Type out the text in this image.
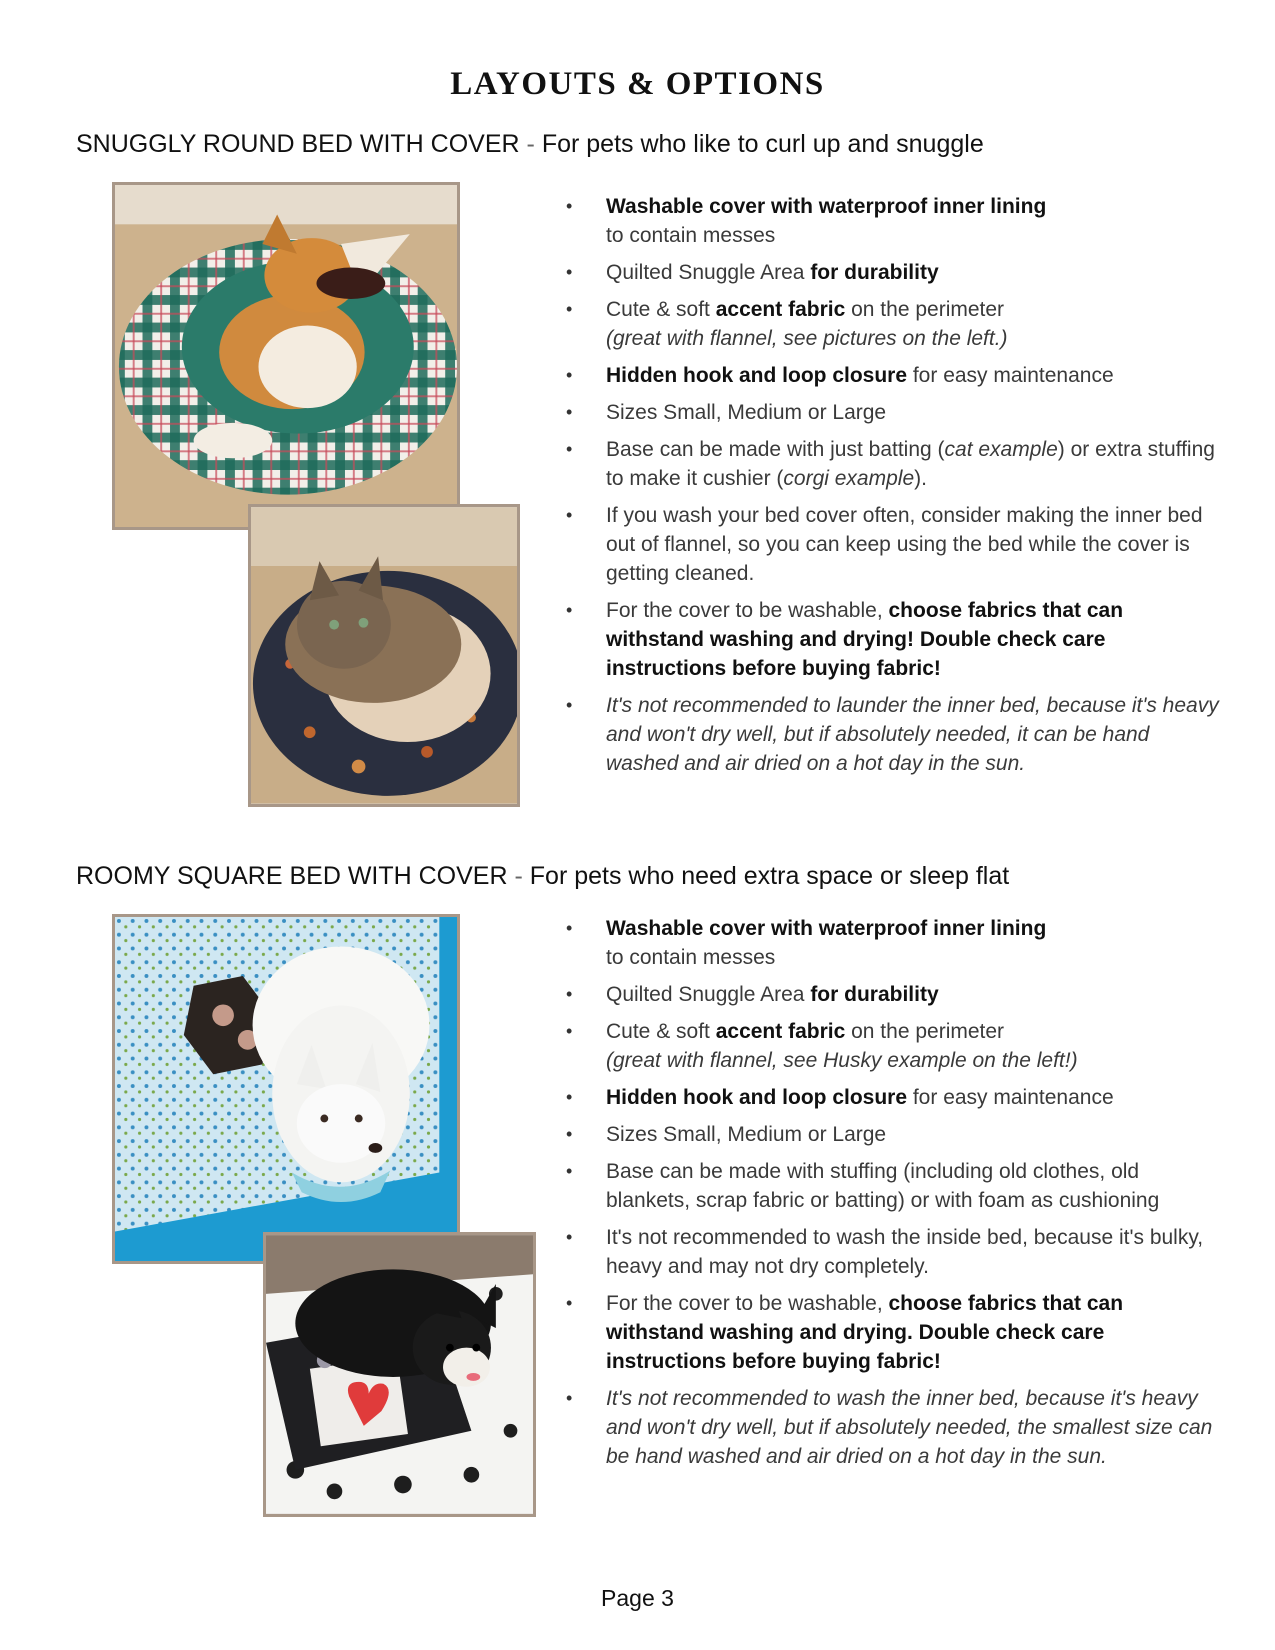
LAYOUTS & OPTIONS
SNUGGLY ROUND BED WITH COVER - For pets who like to curl up and snuggle
• Washable cover with waterproof inner lining
to contain messes
• Quilted Snuggle Area for durability
• Cute & soft accent fabric on the perimeter
(great with flannel, see pictures on the left.)
• Hidden hook and loop closure for easy maintenance
• Sizes Small, Medium or Large
• Base can be made with just batting (cat example) or extra stuffing to make it cushier (corgi example).
• If you wash your bed cover often, consider making the inner bed out of flannel, so you can keep using the bed while the cover is getting cleaned.
• For the cover to be washable, choose fabrics that can withstand washing and drying! Double check care instructions before buying fabric!
• It's not recommended to launder the inner bed, because it's heavy and won't dry well, but if absolutely needed, it can be hand washed and air dried on a hot day in the sun.
ROOMY SQUARE BED WITH COVER - For pets who need extra space or sleep flat
• Washable cover with waterproof inner lining
to contain messes
• Quilted Snuggle Area for durability
• Cute & soft accent fabric on the perimeter
(great with flannel, see Husky example on the left!)
• Hidden hook and loop closure for easy maintenance
• Sizes Small, Medium or Large
• Base can be made with stuffing (including old clothes, old blankets, scrap fabric or batting) or with foam as cushioning
• It's not recommended to wash the inside bed, because it's bulky, heavy and may not dry completely.
• For the cover to be washable, choose fabrics that can withstand washing and drying. Double check care instructions before buying fabric!
• It's not recommended to wash the inner bed, because it's heavy and won't dry well, but if absolutely needed, the smallest size can be hand washed and air dried on a hot day in the sun.
Page 3
